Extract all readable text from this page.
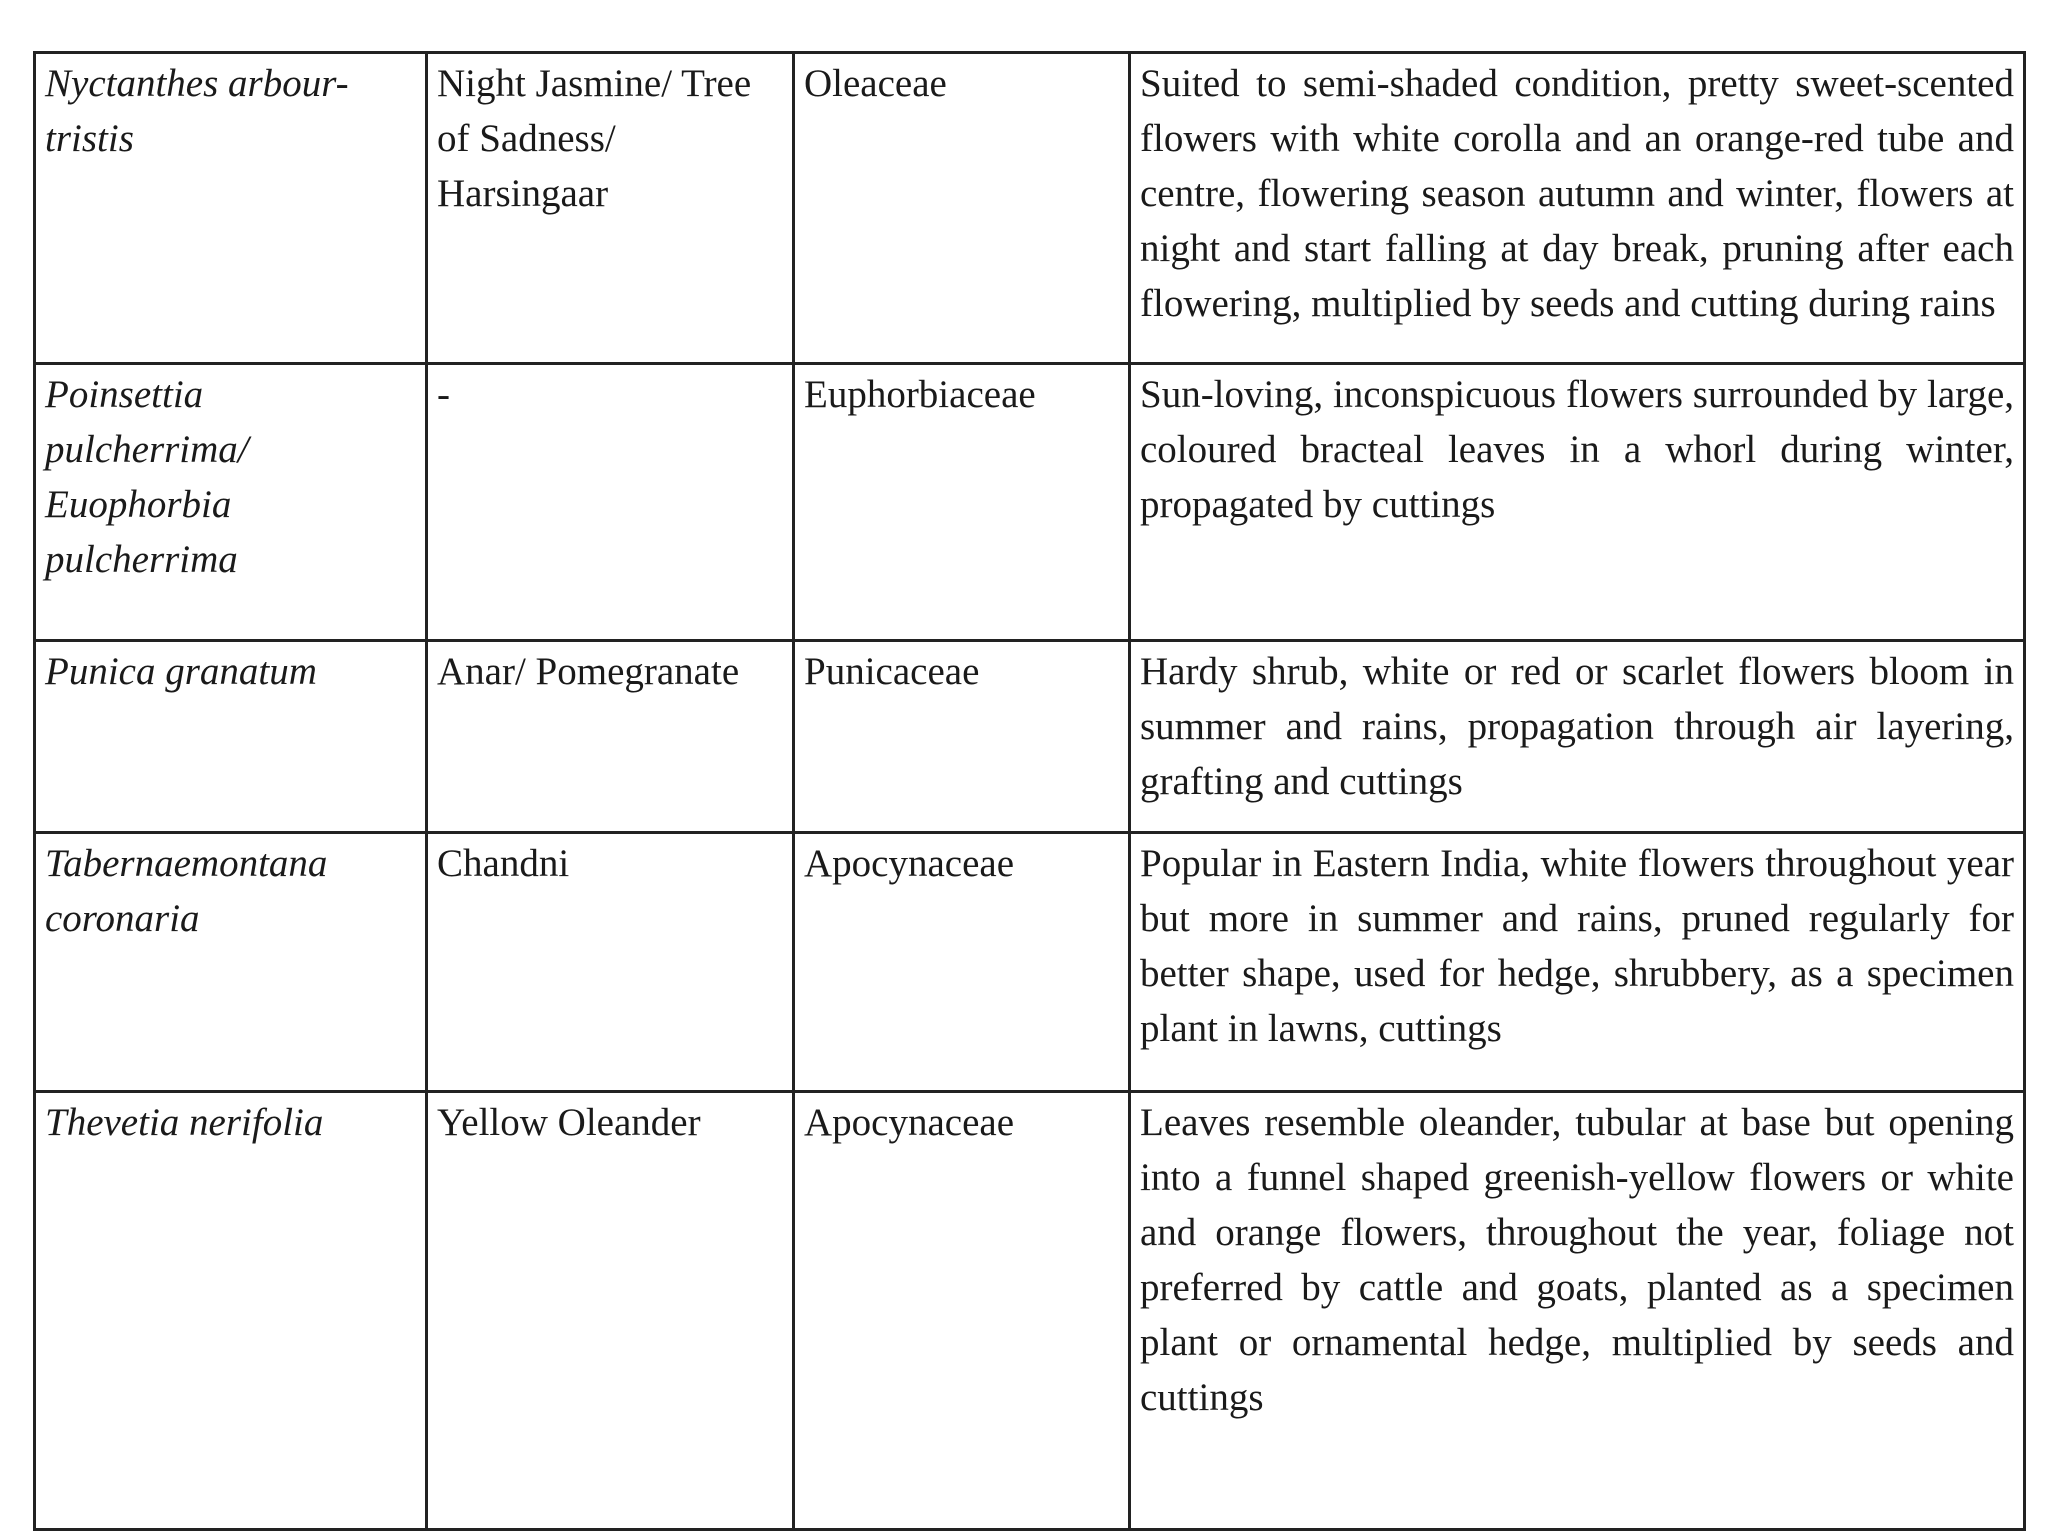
Nyctanthes arbour-tristis	Night Jasmine/ Tree of Sadness/ Harsingaar	Oleaceae	Suited to semi-shaded condition, pretty sweet-scented flowers with white corolla and an orange-red tube and centre, flowering season autumn and winter, flowers at night and start falling at day break, pruning after each flowering, multiplied by seeds and cutting during rains
Poinsettia pulcherrima/ Euophorbia pulcherrima	-	Euphorbiaceae	Sun-loving, inconspicuous flowers surrounded by large, coloured bracteal leaves in a whorl during winter, propagated by cuttings
Punica granatum	Anar/ Pomegranate	Punicaceae	Hardy shrub, white or red or scarlet flowers bloom in summer and rains, propagation through air layering, grafting and cuttings
Tabernaemontana coronaria	Chandni	Apocynaceae	Popular in Eastern India, white flowers throughout year but more in summer and rains, pruned regularly for better shape, used for hedge, shrubbery, as a specimen plant in lawns, cuttings
Thevetia nerifolia	Yellow Oleander	Apocynaceae	Leaves resemble oleander, tubular at base but opening into a funnel shaped greenish-yellow flowers or white and orange flowers, throughout the year, foliage not preferred by cattle and goats, planted as a specimen plant or ornamental hedge, multiplied by seeds and cuttings
